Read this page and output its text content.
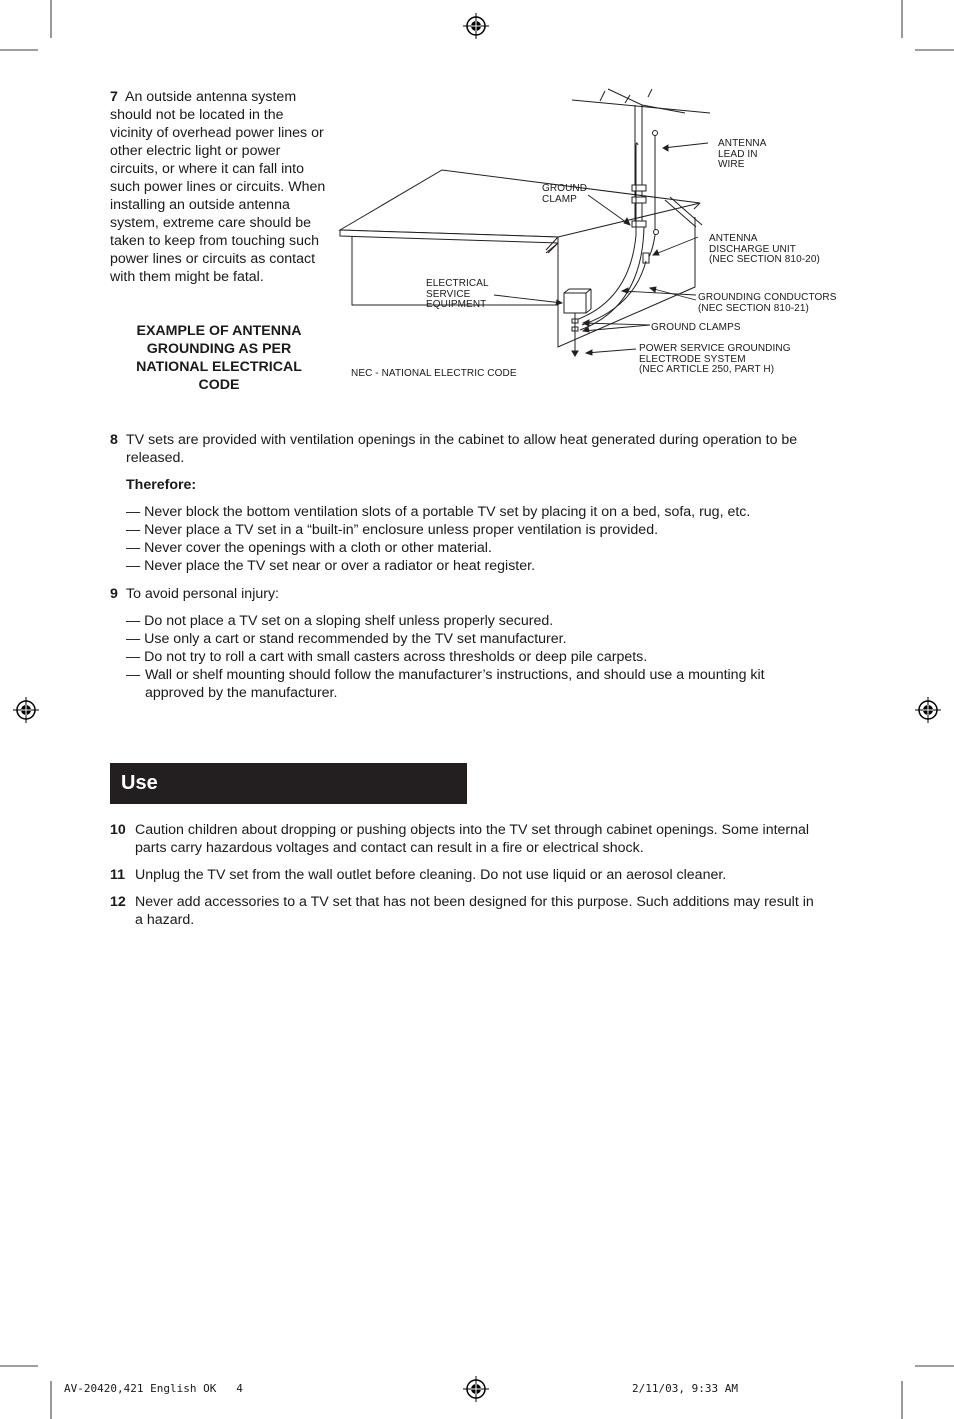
7 An outside antenna system should not be located in the vicinity of overhead power lines or other electric light or power circuits, or where it can fall into such power lines or circuits. When installing an outside antenna system, extreme care should be taken to keep from touching such power lines or circuits as contact with them might be fatal.
EXAMPLE OF ANTENNA GROUNDING AS PER NATIONAL ELECTRICAL CODE
ANTENNA
LEAD IN
WIRE
GROUND
CLAMP
ANTENNA
DISCHARGE UNIT
(NEC SECTION 810-20)
ELECTRICAL
SERVICE
EQUIPMENT
GROUNDING CONDUCTORS
(NEC SECTION 810-21)
GROUND CLAMPS
POWER SERVICE GROUNDING
ELECTRODE SYSTEM
(NEC ARTICLE 250, PART H)
NEC - NATIONAL ELECTRIC CODE
8 TV sets are provided with ventilation openings in the cabinet to allow heat generated during operation to be released.
Therefore:
— Never block the bottom ventilation slots of a portable TV set by placing it on a bed, sofa, rug, etc.
— Never place a TV set in a “built-in” enclosure unless proper ventilation is provided.
— Never cover the openings with a cloth or other material.
— Never place the TV set near or over a radiator or heat register.
9 To avoid personal injury:
— Do not place a TV set on a sloping shelf unless properly secured.
— Use only a cart or stand recommended by the TV set manufacturer.
— Do not try to roll a cart with small casters across thresholds or deep pile carpets.
— Wall or shelf mounting should follow the manufacturer’s instructions, and should use a mounting kit approved by the manufacturer.
Use
10 Caution children about dropping or pushing objects into the TV set through cabinet openings. Some internal parts carry hazardous voltages and contact can result in a fire or electrical shock.
11 Unplug the TV set from the wall outlet before cleaning. Do not use liquid or an aerosol cleaner.
12 Never add accessories to a TV set that has not been designed for this purpose. Such additions may result in a hazard.
AV-20420,421 English OK 4	2/11/03, 9:33 AM
